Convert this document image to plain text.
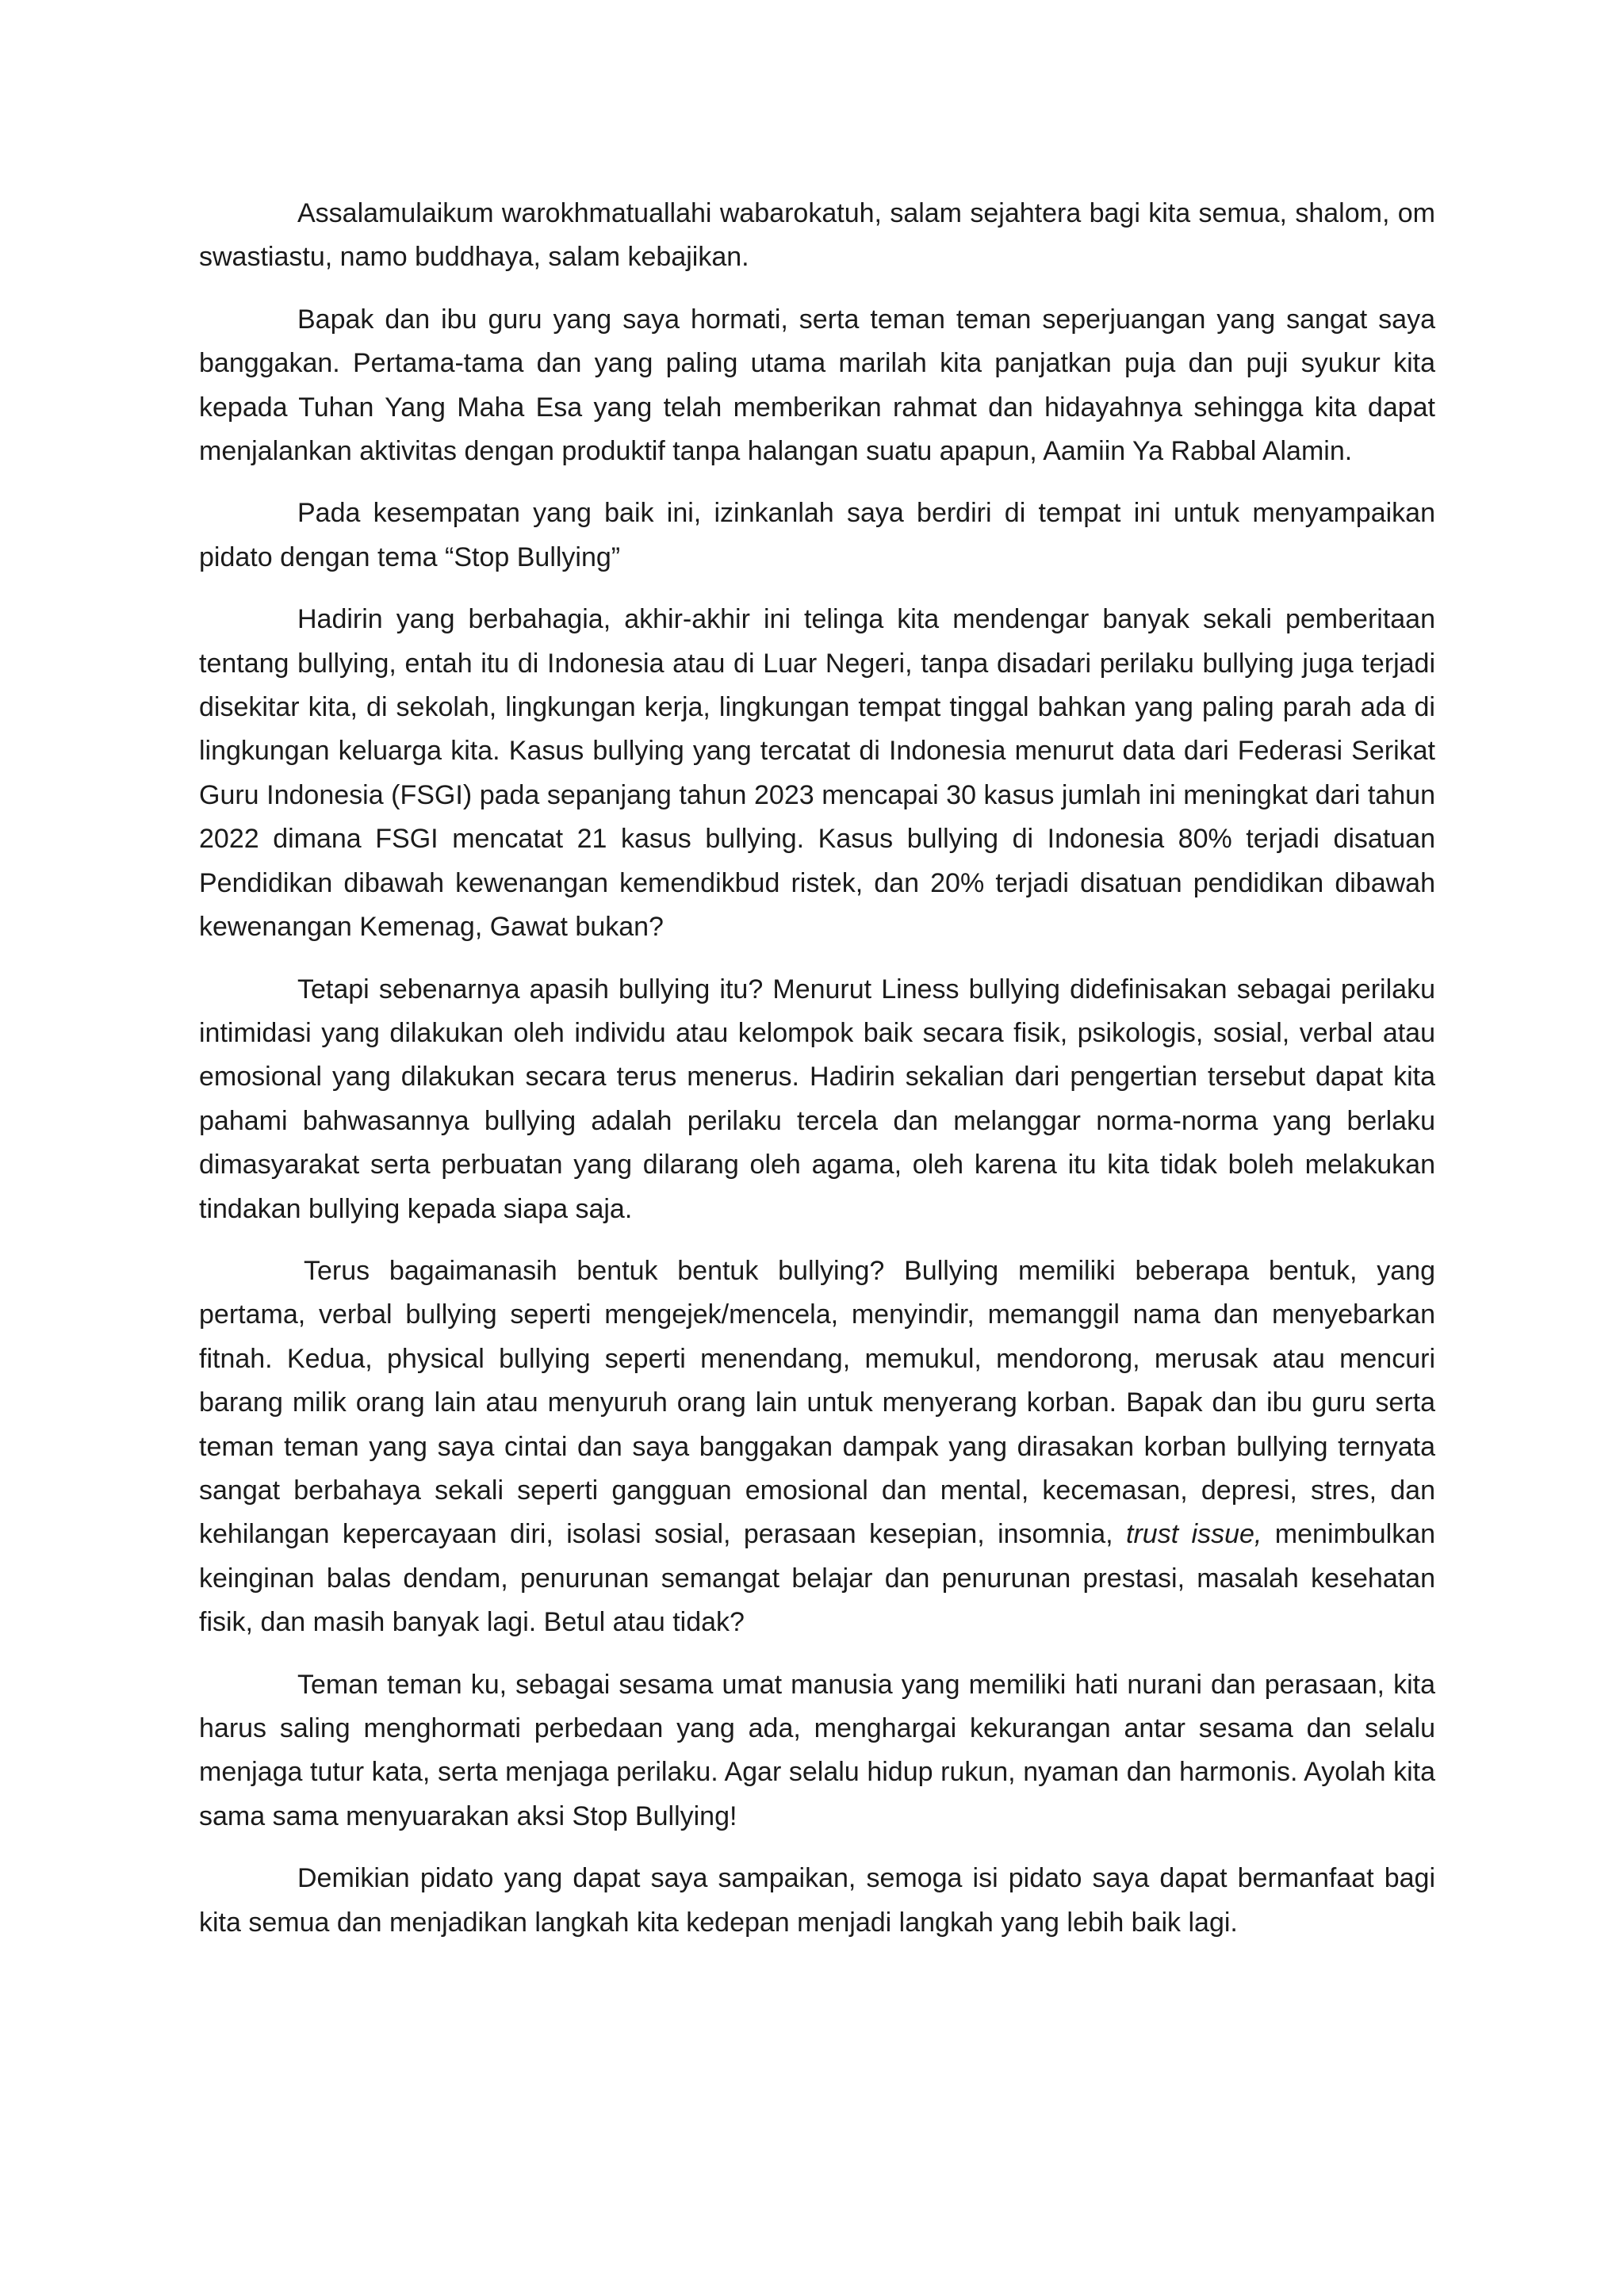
Assalamulaikum warokhmatuallahi wabarokatuh, salam sejahtera bagi kita semua, shalom, om swastiastu, namo buddhaya, salam kebajikan.

Bapak dan ibu guru yang saya hormati, serta teman teman seperjuangan yang sangat saya banggakan. Pertama-tama dan yang paling utama marilah kita panjatkan puja dan puji syukur kita kepada Tuhan Yang Maha Esa yang telah memberikan rahmat dan hidayahnya sehingga kita dapat menjalankan aktivitas dengan produktif tanpa halangan suatu apapun, Aamiin Ya Rabbal Alamin.

Pada kesempatan yang baik ini, izinkanlah saya berdiri di tempat ini untuk menyampaikan pidato dengan tema “Stop Bullying”

Hadirin yang berbahagia, akhir-akhir ini telinga kita mendengar banyak sekali pemberitaan tentang bullying, entah itu di Indonesia atau di Luar Negeri, tanpa disadari perilaku bullying juga terjadi disekitar kita, di sekolah, lingkungan kerja, lingkungan tempat tinggal bahkan yang paling parah ada di lingkungan keluarga kita. Kasus bullying yang tercatat di Indonesia menurut data dari Federasi Serikat Guru Indonesia (FSGI) pada sepanjang tahun 2023 mencapai 30 kasus jumlah ini meningkat dari tahun 2022 dimana FSGI mencatat 21 kasus bullying. Kasus bullying di Indonesia 80% terjadi disatuan Pendidikan dibawah kewenangan kemendikbud ristek, dan 20% terjadi disatuan pendidikan dibawah kewenangan Kemenag, Gawat bukan?

Tetapi sebenarnya apasih bullying itu? Menurut Liness bullying didefinisakan sebagai perilaku intimidasi yang dilakukan oleh individu atau kelompok baik secara fisik, psikologis, sosial, verbal atau emosional yang dilakukan secara terus menerus. Hadirin sekalian dari pengertian tersebut dapat kita pahami bahwasannya bullying adalah perilaku tercela dan melanggar norma-norma yang berlaku dimasyarakat serta perbuatan yang dilarang oleh agama, oleh karena itu kita tidak boleh melakukan tindakan bullying kepada siapa saja.

Terus bagaimanasih bentuk bentuk bullying? Bullying memiliki beberapa bentuk, yang pertama, verbal bullying seperti mengejek/mencela, menyindir, memanggil nama dan menyebarkan fitnah. Kedua, physical bullying seperti menendang, memukul, mendorong, merusak atau mencuri barang milik orang lain atau menyuruh orang lain untuk menyerang korban. Bapak dan ibu guru serta teman teman yang saya cintai dan saya banggakan dampak yang dirasakan korban bullying ternyata sangat berbahaya sekali seperti gangguan emosional dan mental, kecemasan, depresi, stres, dan kehilangan kepercayaan diri, isolasi sosial, perasaan kesepian, insomnia, trust issue, menimbulkan keinginan balas dendam, penurunan semangat belajar dan penurunan prestasi, masalah kesehatan fisik, dan masih banyak lagi. Betul atau tidak?

Teman teman ku, sebagai sesama umat manusia yang memiliki hati nurani dan perasaan, kita harus saling menghormati perbedaan yang ada, menghargai kekurangan antar sesama dan selalu menjaga tutur kata, serta menjaga perilaku. Agar selalu hidup rukun, nyaman dan harmonis. Ayolah kita sama sama menyuarakan aksi Stop Bullying!

Demikian pidato yang dapat saya sampaikan, semoga isi pidato saya dapat bermanfaat bagi kita semua dan menjadikan langkah kita kedepan menjadi langkah yang lebih baik lagi.
